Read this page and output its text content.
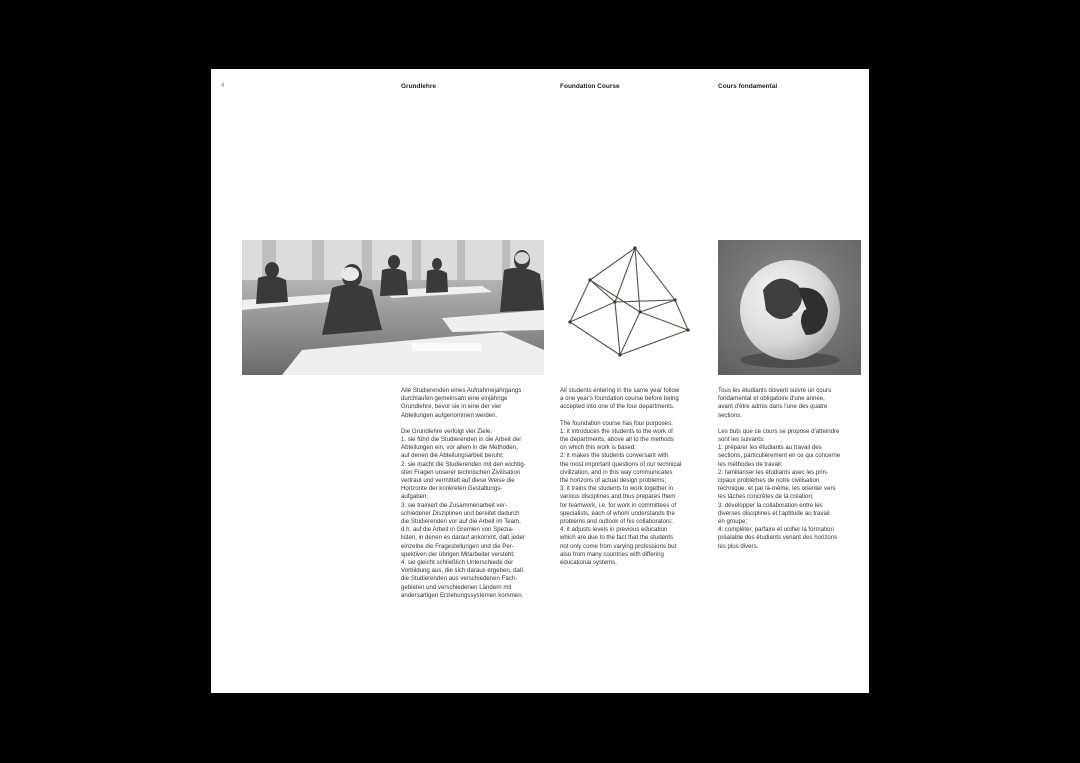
4	Grundlehre	Foundation Course	Cours fondamental

Alle Studierenden eines Aufnahmejahrgangs
durchlaufen gemeinsam eine einjährige
Grundlehre, bevor sie in eine der vier
Abteilungen aufgenommen werden.

Die Grundlehre verfolgt vier Ziele:
1. sie führt die Studierenden in die Arbeit der
Abteilungen ein, vor allem in die Methoden,
auf denen die Abteilungsarbeit beruht;
2. sie macht die Studierenden mit den wichtig-
sten Fragen unserer technischen Zivilisation
vertraut und vermittelt auf diese Weise die
Horizonte der konkreten Gestaltungs-
aufgaben;
3. sie trainiert die Zusammenarbeit ver-
schiedener Disziplinen und bereitet dadurch
die Studierenden vor auf die Arbeit im Team,
d.h. auf die Arbeit in Gremien von Spezia-
listen, in denen es darauf ankommt, daß jeder
einzelne die Fragestellungen und die Per-
spektiven der übrigen Mitarbeiter versteht;
4. sie gleicht schließlich Unterschiede der
Vorbildung aus, die sich daraus ergeben, daß
die Studierenden aus verschiedenen Fach-
gebieten und verschiedenen Ländern mit
andersartigen Erziehungssystemen kommen.

All students entering in the same year follow
a one year's foundation course before being
accepted into one of the four departments.

The foundation course has four purposes:
1: it introduces the students to the work of
the departments, above all to the methods
on which this work is based;
2: it makes the students conversant with
the most important questions of our technical
civilization, and in this way communicates
the horizons of actual design problems;
3: it trains the students to work together in
various disciplines and thus prepares them
for teamwork, i.e. for work in committees of
specialists, each of whom understands the
problems and outlook of his collaborators;
4: it adjusts levels in previous education
which are due to the fact that the students
not only come from varying professions but
also from many countries with differing
educational systems.

Tous les étudiants doivent suivre un cours
fondamental et obligatoire d'une année,
avant d'être admis dans l'une des quatre
sections.

Les buts que ce cours se propose d'atteindre
sont les suivants:
1: préparer les étudiants au travail des
sections, particulièrement en ce qui concerne
les méthodes de travail;
2: familiariser les étudiants avec les prin-
cipaux problèmes de notre civilisation
technique, et par là-même, les orienter vers
les tâches concrètes de la création;
3: développer la collaboration entre les
diverses disciplines et l'aptitude au travail
en groupe;
4: compléter, parfaire et unifier la formation
préalable des étudiants venant des horizons
les plus divers.
